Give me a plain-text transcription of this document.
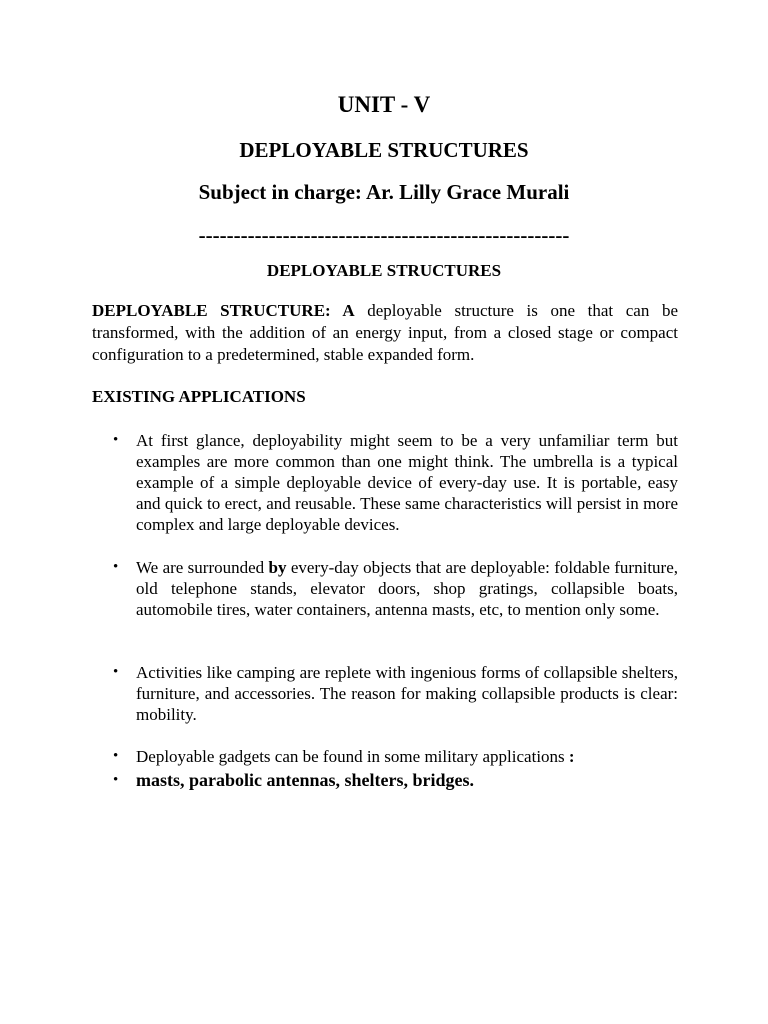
UNIT - V
DEPLOYABLE STRUCTURES
Subject in charge: Ar. Lilly Grace Murali
-----------------------------------------------------
DEPLOYABLE STRUCTURES

DEPLOYABLE STRUCTURE: A deployable structure is one that can be transformed, with the addition of an energy input, from a closed stage or compact configuration to a predetermined, stable expanded form.

EXISTING APPLICATIONS
•	At first glance, deployability might seem to be a very unfamiliar term but examples are more common than one might think. The umbrella is a typical example of a simple deployable device of every-day use. It is portable, easy and quick to erect, and reusable. These same characteristics will persist in more complex and large deployable devices.
•	We are surrounded by every-day objects that are deployable: foldable furniture, old telephone stands, elevator doors, shop gratings, collapsible boats, automobile tires, water containers, antenna masts, etc, to mention only some.
•	Activities like camping are replete with ingenious forms of collapsible shelters, furniture, and accessories. The reason for making collapsible products is clear: mobility.
•	Deployable gadgets can be found in some military applications :
• masts, parabolic antennas, shelters, bridges.
